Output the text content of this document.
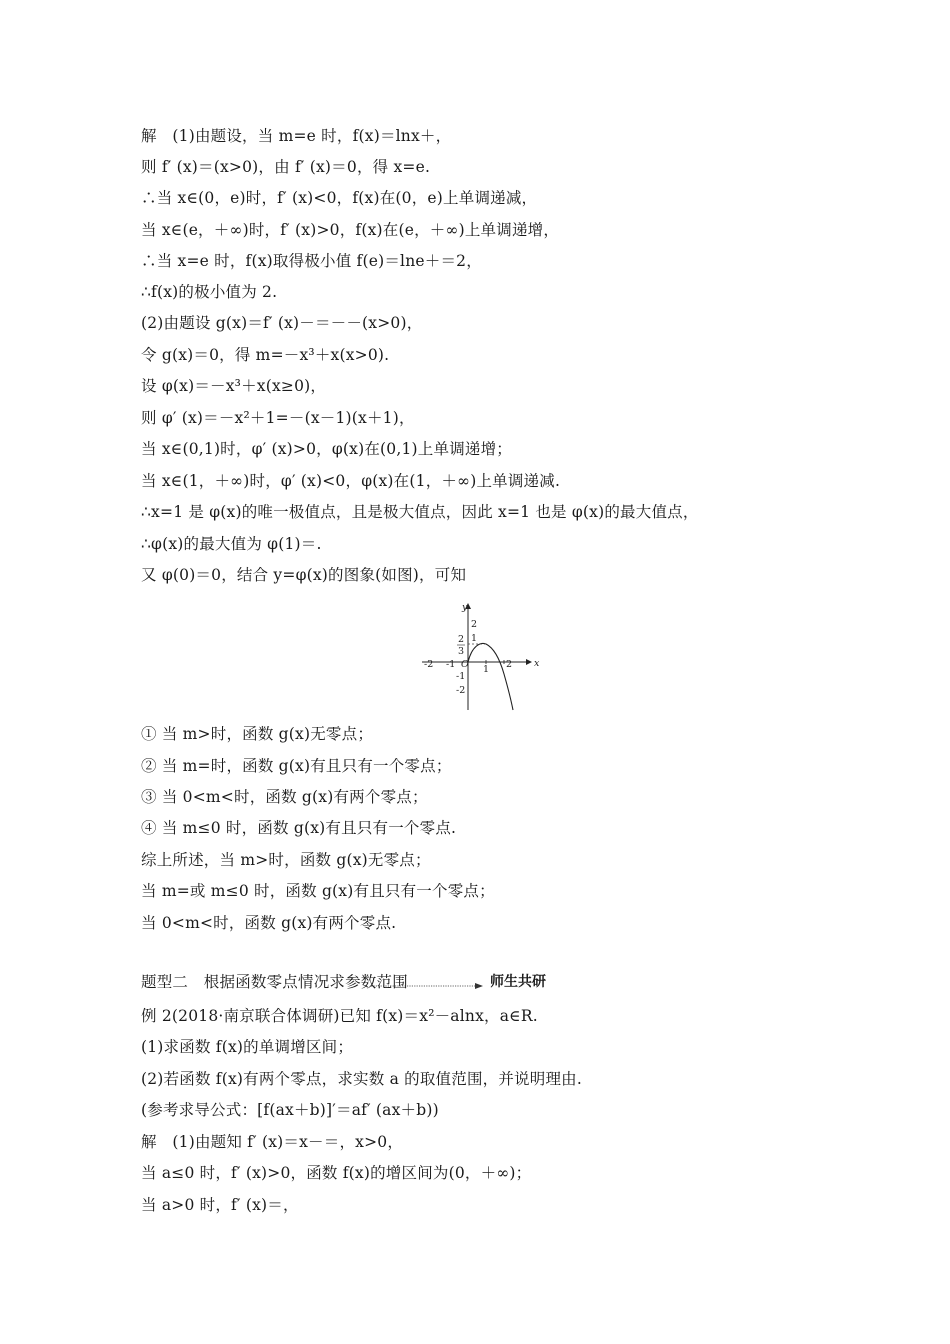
解　(1)由题设，当 m=e 时，f(x)＝lnx＋，
则 f′ (x)＝(x>0)，由 f′ (x)＝0，得 x=e.
∴当 x∈(0，e)时，f′ (x)<0，f(x)在(0，e)上单调递减，
当 x∈(e，＋∞)时，f′ (x)>0，f(x)在(e，＋∞)上单调递增，
∴当 x=e 时，f(x)取得极小值 f(e)＝lne＋＝2，
∴f(x)的极小值为 2.
(2)由题设 g(x)＝f′ (x)－＝－－(x>0)，
令 g(x)＝0，得 m=－x³＋x(x>0).
设 φ(x)＝－x³＋x(x≥0)，
则 φ′ (x)＝－x²＋1=－(x－1)(x＋1)，
当 x∈(0,1)时，φ′ (x)>0，φ(x)在(0,1)上单调递增；
当 x∈(1，＋∞)时，φ′ (x)<0，φ(x)在(1，＋∞)上单调递减.
∴x=1 是 φ(x)的唯一极值点，且是极大值点，因此 x=1 也是 φ(x)的最大值点，
∴φ(x)的最大值为 φ(1)＝.
又 φ(0)＝0，结合 y=φ(x)的图象(如图)，可知
y
x
2
2
3
1
O
-2 -1	1 2
-1
-2
① 当 m>时，函数 g(x)无零点；
② 当 m=时，函数 g(x)有且只有一个零点；
③ 当 0<m<时，函数 g(x)有两个零点；
④ 当 m≤0 时，函数 g(x)有且只有一个零点.
综上所述，当 m>时，函数 g(x)无零点；
当 m=或 m≤0 时，函数 g(x)有且只有一个零点；
当 0<m<时，函数 g(x)有两个零点.
题型二　根据函数零点情况求参数范围	师生共研
例 2(2018·南京联合体调研)已知 f(x)＝x²－alnx，a∈R.
(1)求函数 f(x)的单调增区间；
(2)若函数 f(x)有两个零点，求实数 a 的取值范围，并说明理由.
(参考求导公式：[f(ax＋b)]′＝af′ (ax＋b))
解　(1)由题知 f′ (x)＝x－＝，x>0，
当 a≤0 时，f′ (x)>0，函数 f(x)的增区间为(0，＋∞)；
当 a>0 时，f′ (x)＝，
